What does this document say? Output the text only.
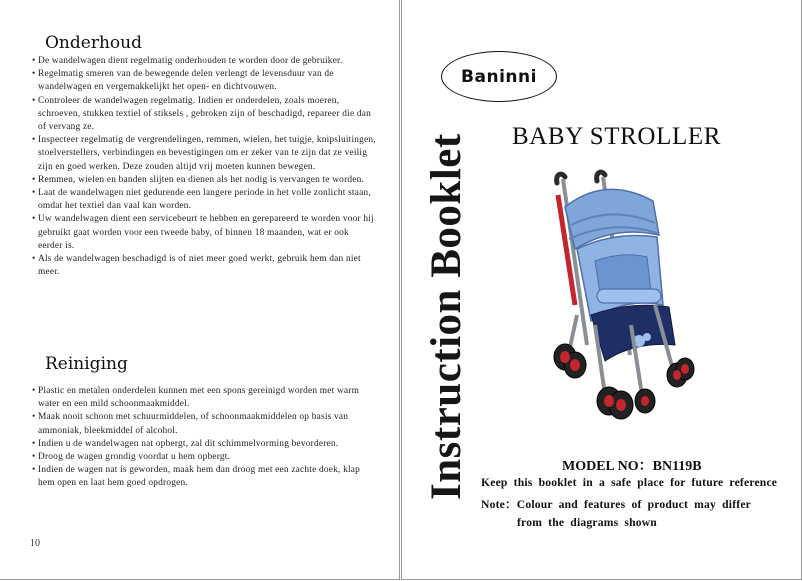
Onderhoud
• De wandelwagen dient regelmatig onderhouden te worden door de gebruiker.
• Regelmatig smeren van de bewegende delen verlengt de levensduur van de wandelwagen en vergemakkelijkt het open- en dichtvouwen.
• Controleer de wandelwagen regelmatig. Indien er onderdelen, zoals moeren, schroeven, stukken textiel of stiksels , gebroken zijn of beschadigd, repareer die dan of vervang ze.
• Inspecteer regelmatig de vergrendelingen, remmen, wielen, het tuigje, knipsluitingen, stoelverstellers, verbindingen en bevestigingen om er zeker van te zijn dat ze veilig zijn en goed werken. Deze zouden altijd vrij moeten kunnen bewegen.
• Remmen, wielen en banden slijten en dienen als het nodig is vervangen te worden.
• Laat de wandelwagen niet gedurende een langere periode in het volle zonlicht staan, omdat het textiel dan vaal kan worden.
• Uw wandelwagen dient een servicebeurt te hebben en gerepareerd te worden voor hij gebruikt gaat worden voor een tweede baby, of binnen 18 maanden, wat er ook eerder is.
• Als de wandelwagen beschadigd is of niet meer goed werkt, gebruik hem dan niet meer.
Reiniging
• Plastic en metalen onderdelen kunnen met een spons gereinigd worden met warm water en een mild schoonmaakmiddel.
• Maak nooit schoon met schuurmiddelen, of schoonmaakmiddelen op basis van ammoniak, bleekmiddel of alcohol.
• Indien u de wandelwagen nat opbergt, zal dit schimmelvorming bevorderen.
• Droog de wagen grondig voordat u hem opbergt.
• Indien de wagen nat is geworden, maak hem dan droog met een zachte doek, klap hem open en laat hem goed opdrogen.
10
Instruction Booklet
Baninni
BABY STROLLER
MODEL NO：BN119B
Keep this booklet in a safe place for future reference
Note：Colour and features of product may differ
from the diagrams shown
